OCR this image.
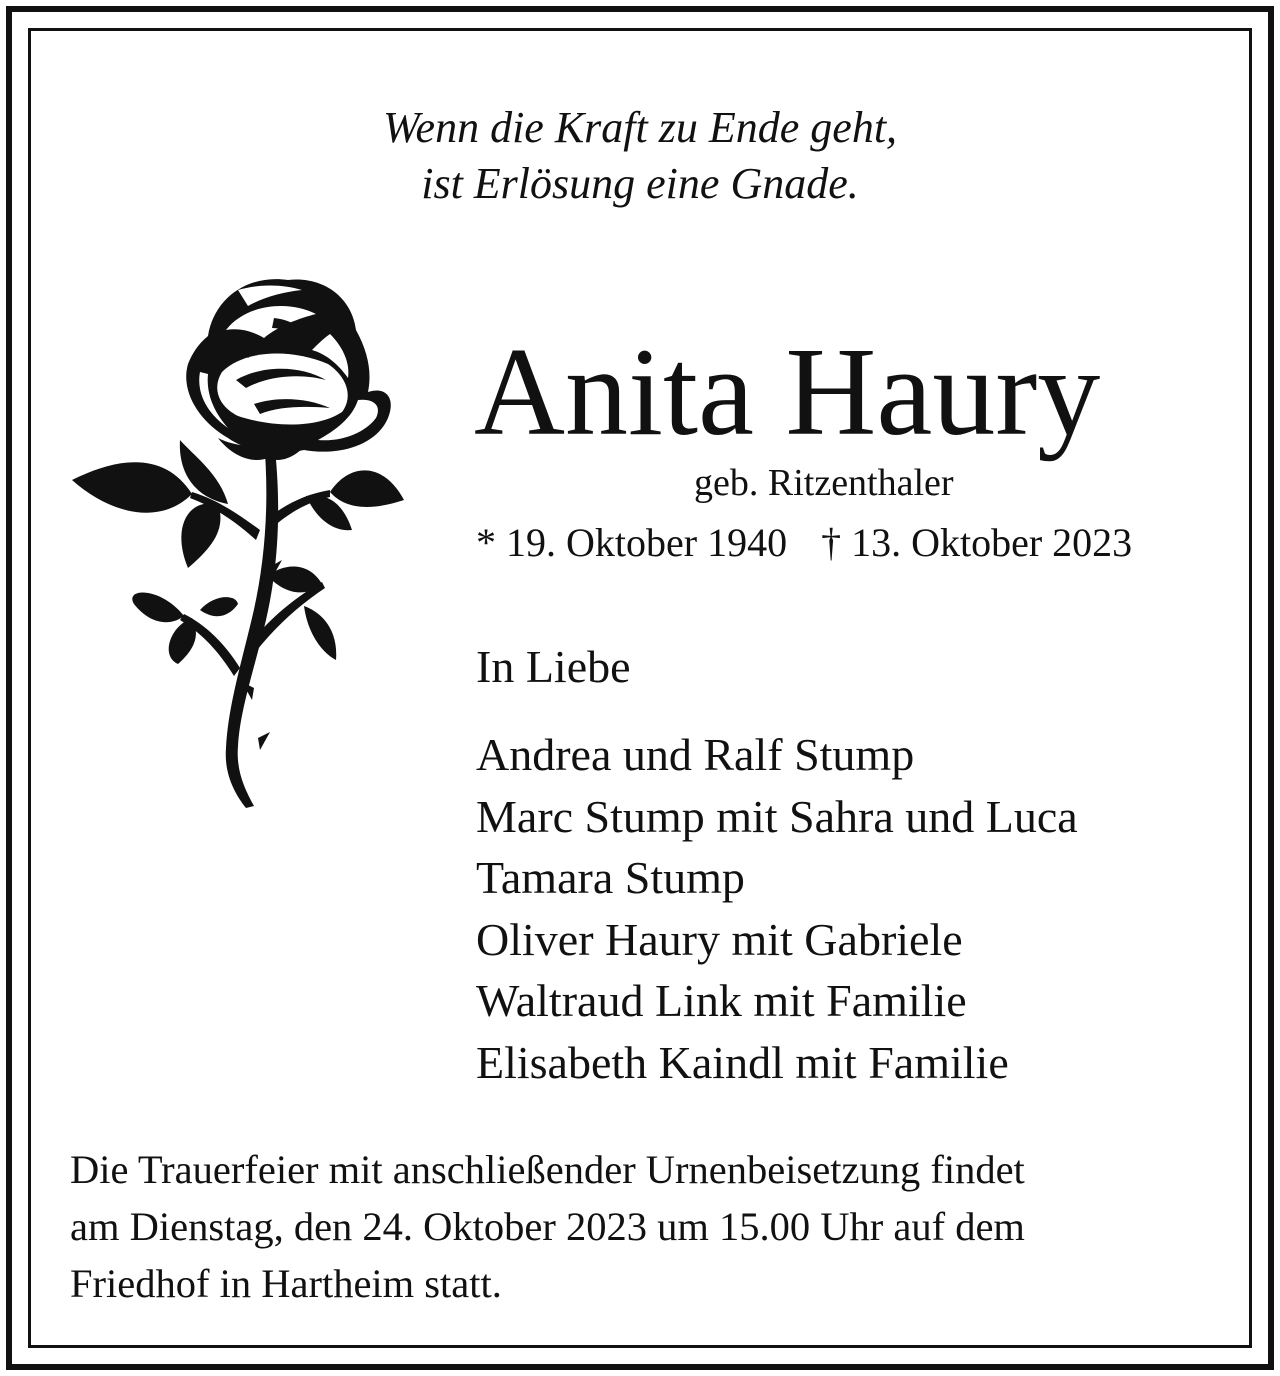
Wenn die Kraft zu Ende geht,
ist Erlösung eine Gnade.
Anita Haury
geb. Ritzenthaler
* 19. Oktober 1940 † 13. Oktober 2023
In Liebe
Andrea und Ralf Stump
Marc Stump mit Sahra und Luca
Tamara Stump
Oliver Haury mit Gabriele
Waltraud Link mit Familie
Elisabeth Kaindl mit Familie
Die Trauerfeier mit anschließender Urnenbeisetzung findet
am Dienstag, den 24. Oktober 2023 um 15.00 Uhr auf dem
Friedhof in Hartheim statt.
